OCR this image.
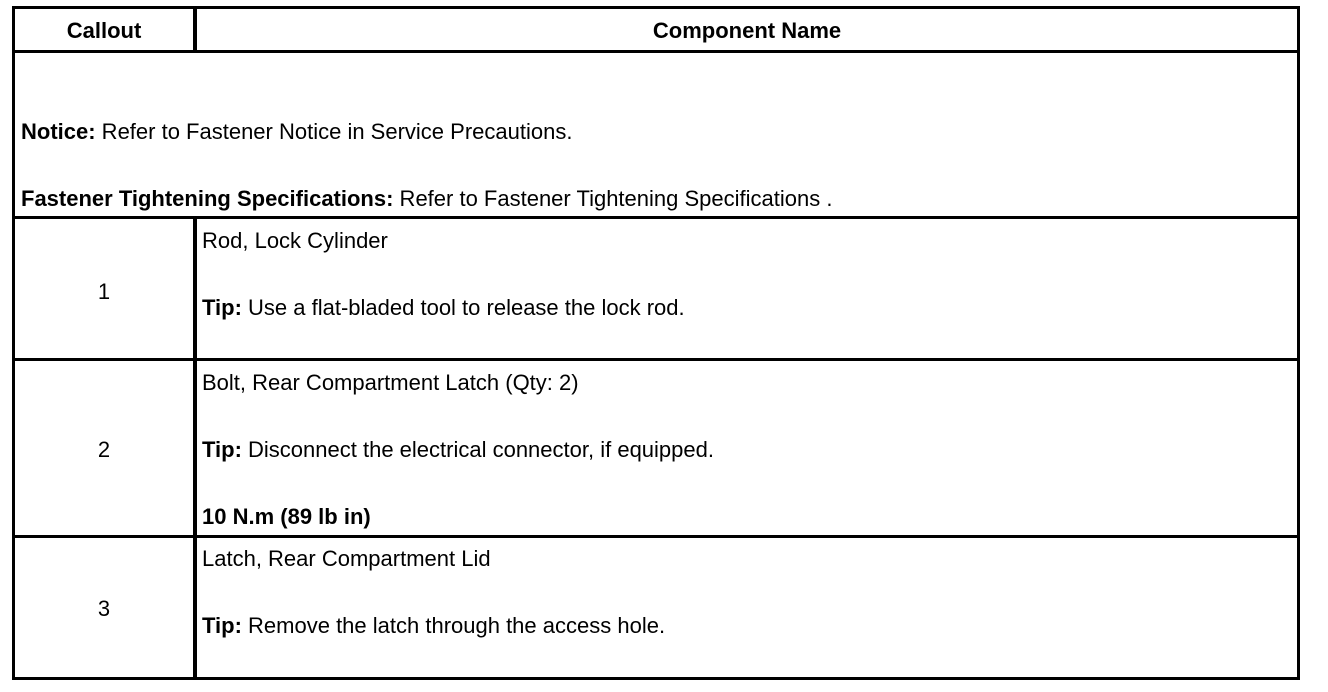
Callout	Component Name
Notice: Refer to Fastener Notice in Service Precautions.
Fastener Tightening Specifications: Refer to Fastener Tightening Specifications .
1
Rod, Lock Cylinder
Tip: Use a flat-bladed tool to release the lock rod.
2
Bolt, Rear Compartment Latch (Qty: 2)
Tip: Disconnect the electrical connector, if equipped.
10 N.m (89 lb in)
3
Latch, Rear Compartment Lid
Tip: Remove the latch through the access hole.
